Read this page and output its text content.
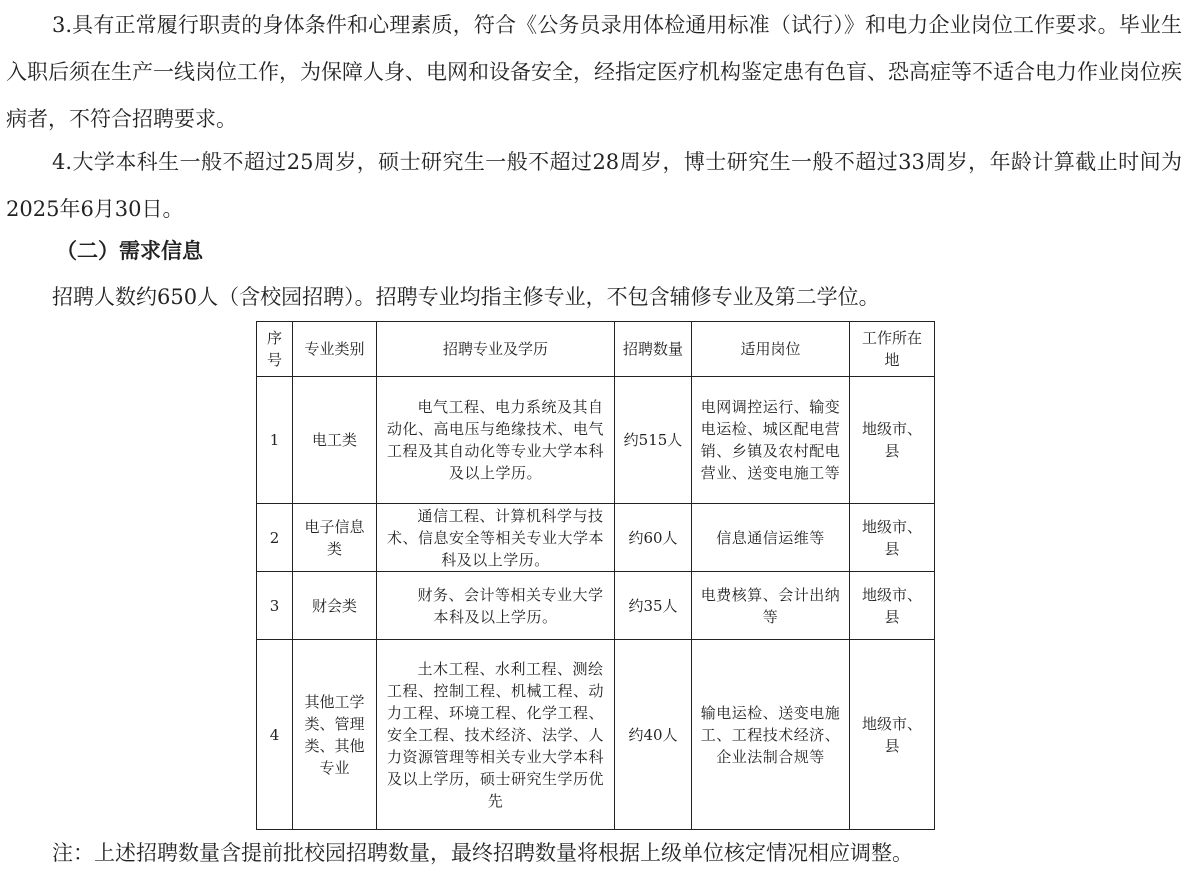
3.具有正常履行职责的身体条件和心理素质，符合《公务员录用体检通用标准（试行）》和电力企业岗位工作要求。毕业生入职后须在生产一线岗位工作，为保障人身、电网和设备安全，经指定医疗机构鉴定患有色盲、恐高症等不适合电力作业岗位疾病者，不符合招聘要求。

4.大学本科生一般不超过25周岁，硕士研究生一般不超过28周岁，博士研究生一般不超过33周岁，年龄计算截止时间为2025年6月30日。

（二）需求信息
招聘人数约650人（含校园招聘）。招聘专业均指主修专业，不包含辅修专业及第二学位。
序号	专业类别	招聘专业及学历	招聘数量	适用岗位	工作所在地
1	电工类	电气工程、电力系统及其自动化、高电压与绝缘技术、电气工程及其自动化等专业大学本科及以上学历。	约515人	电网调控运行、输变电运检、城区配电营销、乡镇及农村配电营业、送变电施工等	地级市、县
2	电子信息类	通信工程、计算机科学与技术、信息安全等相关专业大学本科及以上学历。	约60人	信息通信运维等	地级市、县
3	财会类	财务、会计等相关专业大学本科及以上学历。	约35人	电费核算、会计出纳等	地级市、县
4	其他工学类、管理类、其他专业	土木工程、水利工程、测绘工程、控制工程、机械工程、动力工程、环境工程、化学工程、安全工程、技术经济、法学、人力资源管理等相关专业大学本科及以上学历，硕士研究生学历优先	约40人	输电运检、送变电施工、工程技术经济、企业法制合规等	地级市、县
注：上述招聘数量含提前批校园招聘数量，最终招聘数量将根据上级单位核定情况相应调整。
